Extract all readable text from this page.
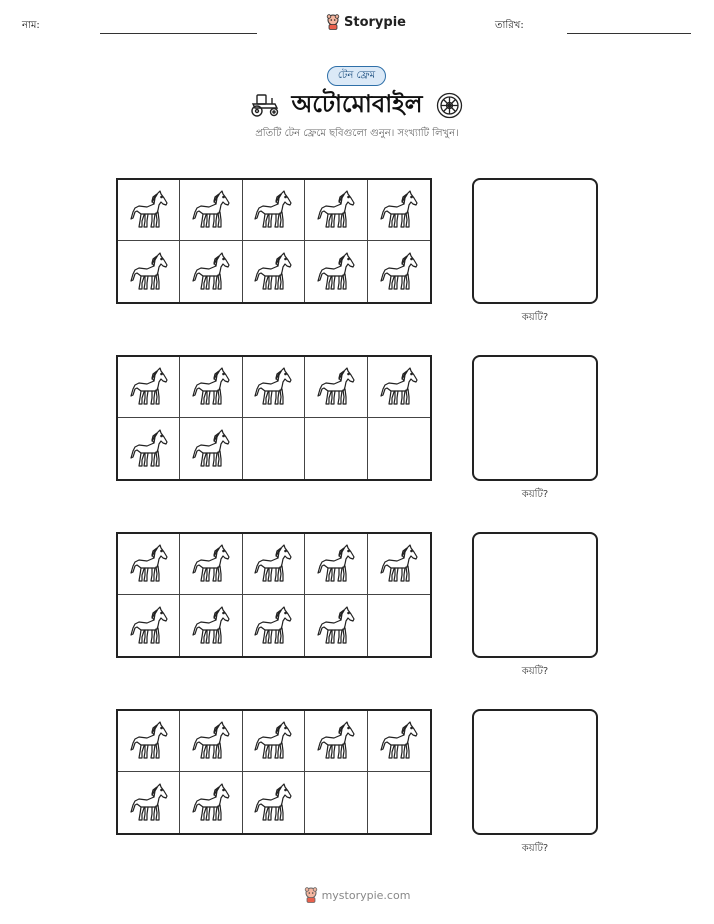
নাম:	Storypie	তারিখ:
টেন ফ্রেম
অটোমোবাইল
প্রতিটি টেন ফ্রেমে ছবিগুলো গুনুন। সংখ্যাটি লিখুন।
কয়টি?
কয়টি?
কয়টি?
কয়টি?
mystorypie.com
